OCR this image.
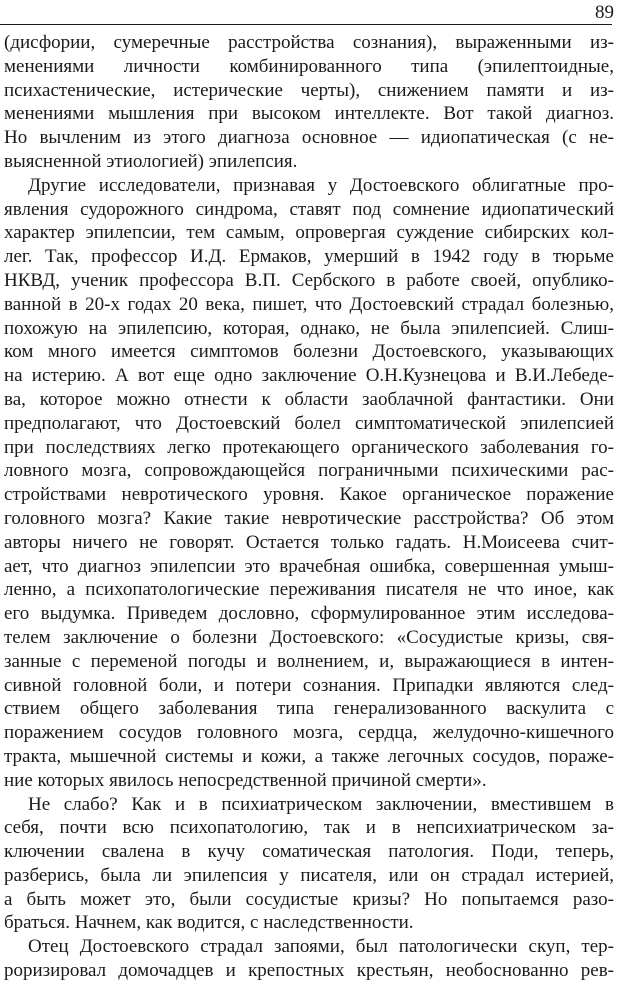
89
(дисфории, сумеречные расстройства сознания), выраженными из-
менениями личности комбинированного типа (эпилептоидные,
психастенические, истерические черты), снижением памяти и из-
менениями мышления при высоком интеллекте. Вот такой диагноз.
Но вычленим из этого диагноза основное — идиопатическая (с не-
выясненной этиологией) эпилепсия.
Другие исследователи, признавая у Достоевского облигатные про-
явления судорожного синдрома, ставят под сомнение идиопатический
характер эпилепсии, тем самым, опровергая суждение сибирских кол-
лег. Так, профессор И.Д. Ермаков, умерший в 1942 году в тюрьме
НКВД, ученик профессора В.П. Сербского в работе своей, опублико-
ванной в 20-х годах 20 века, пишет, что Достоевский страдал болезнью,
похожую на эпилепсию, которая, однако, не была эпилепсией. Слиш-
ком много имеется симптомов болезни Достоевского, указывающих
на истерию. А вот еще одно заключение О.Н.Кузнецова и В.И.Лебеде-
ва, которое можно отнести к области заоблачной фантастики. Они
предполагают, что Достоевский болел симптоматической эпилепсией
при последствиях легко протекающего органического заболевания го-
ловного мозга, сопровождающейся пограничными психическими рас-
стройствами невротического уровня. Какое органическое поражение
головного мозга? Какие такие невротические расстройства? Об этом
авторы ничего не говорят. Остается только гадать. Н.Моисеева счит-
ает, что диагноз эпилепсии это врачебная ошибка, совершенная умыш-
ленно, а психопатологические переживания писателя не что иное, как
его выдумка. Приведем дословно, сформулированное этим исследова-
телем заключение о болезни Достоевского: «Сосудистые кризы, свя-
занные с переменой погоды и волнением, и, выражающиеся в интен-
сивной головной боли, и потери сознания. Припадки являются след-
ствием общего заболевания типа генерализованного васкулита с
поражением сосудов головного мозга, сердца, желудочно-кишечного
тракта, мышечной системы и кожи, а также легочных сосудов, пораже-
ние которых явилось непосредственной причиной смерти».
Не слабо? Как и в психиатрическом заключении, вместившем в
себя, почти всю психопатологию, так и в непсихиатрическом за-
ключении свалена в кучу соматическая патология. Поди, теперь,
разберись, была ли эпилепсия у писателя, или он страдал истерией,
а быть может это, были сосудистые кризы? Но попытаемся разо-
браться. Начнем, как водится, с наследственности.
Отец Достоевского страдал запоями, был патологически скуп, тер-
роризировал домочадцев и крепостных крестьян, необоснованно рев-
